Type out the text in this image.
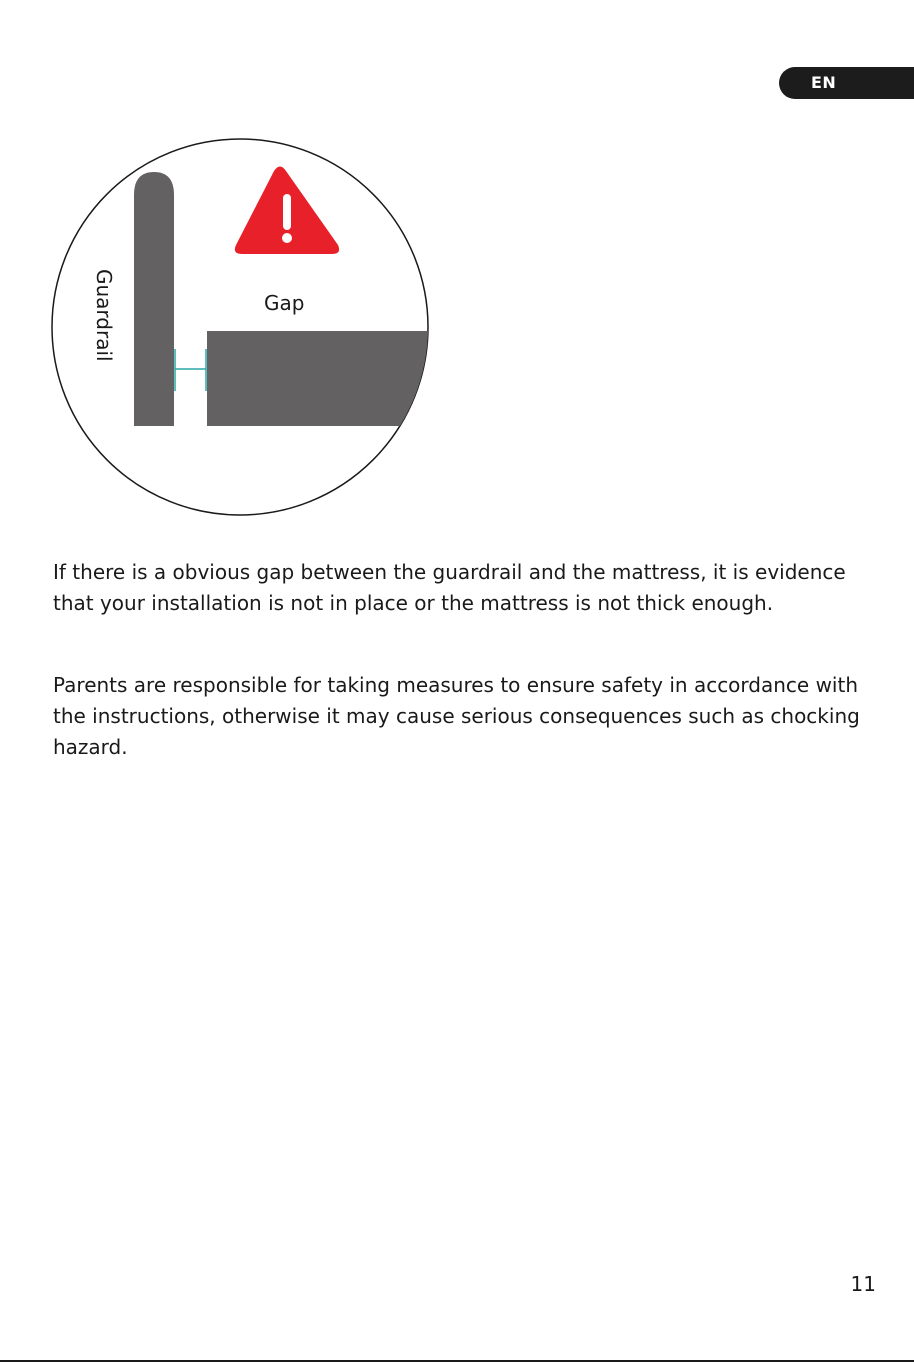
EN
Gap
Guardrail

If there is a obvious gap between the guardrail and the mattress, it is evidence that your installation is not in place or the mattress is not thick enough.

Parents are responsible for taking measures to ensure safety in accordance with the instructions, otherwise it may cause serious consequences such as chocking hazard.

11
